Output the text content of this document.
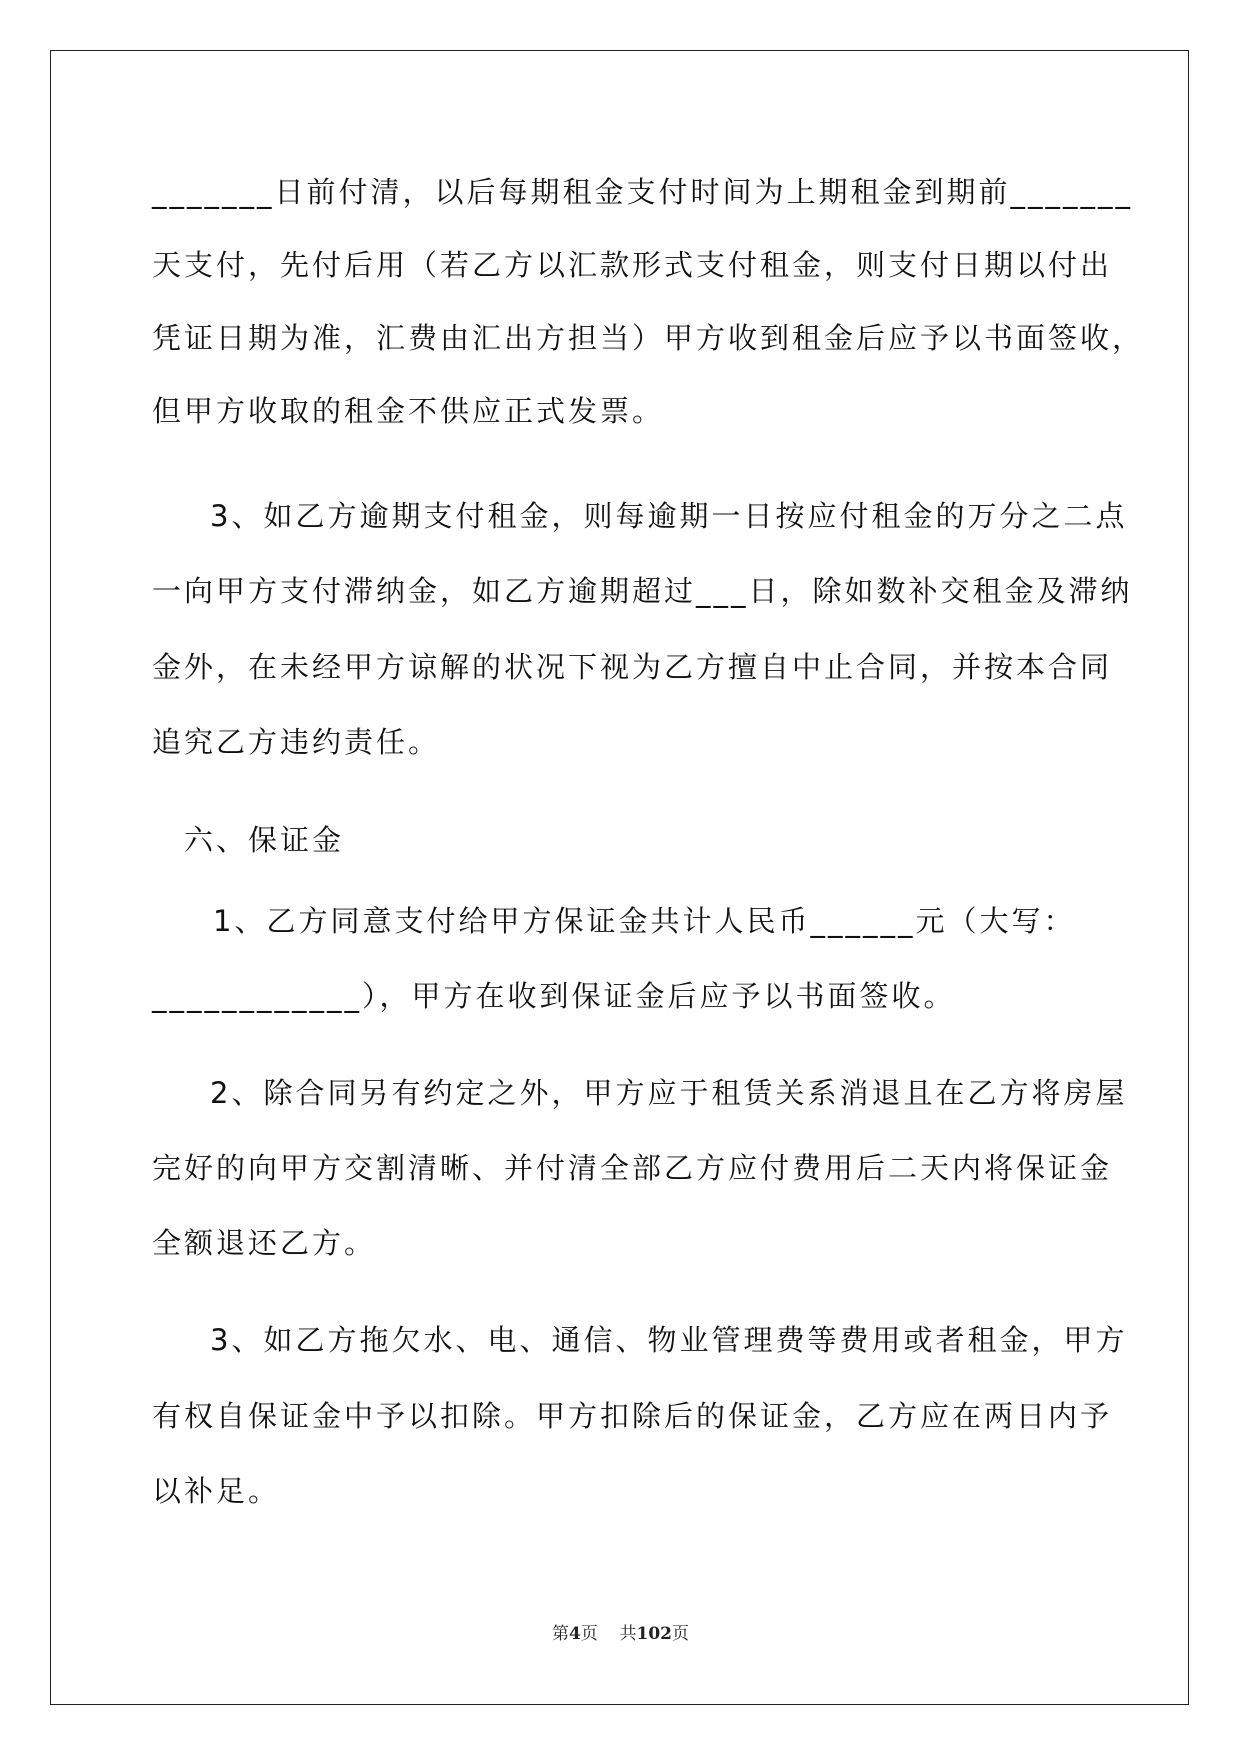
_______日前付清，以后每期租金支付时间为上期租金到期前_______

天支付，先付后用（若乙方以汇款形式支付租金，则支付日期以付出

凭证日期为准，汇费由汇出方担当）甲方收到租金后应予以书面签收，

但甲方收取的租金不供应正式发票。

3、如乙方逾期支付租金，则每逾期一日按应付租金的万分之二点

一向甲方支付滞纳金，如乙方逾期超过___日，除如数补交租金及滞纳

金外，在未经甲方谅解的状况下视为乙方擅自中止合同，并按本合同

追究乙方违约责任。

六、保证金

1、乙方同意支付给甲方保证金共计人民币______元（大写：

____________），甲方在收到保证金后应予以书面签收。

2、除合同另有约定之外，甲方应于租赁关系消退且在乙方将房屋

完好的向甲方交割清晰、并付清全部乙方应付费用后二天内将保证金

全额退还乙方。

3、如乙方拖欠水、电、通信、物业管理费等费用或者租金，甲方

有权自保证金中予以扣除。甲方扣除后的保证金，乙方应在两日内予

以补足。

第4页 共102页
